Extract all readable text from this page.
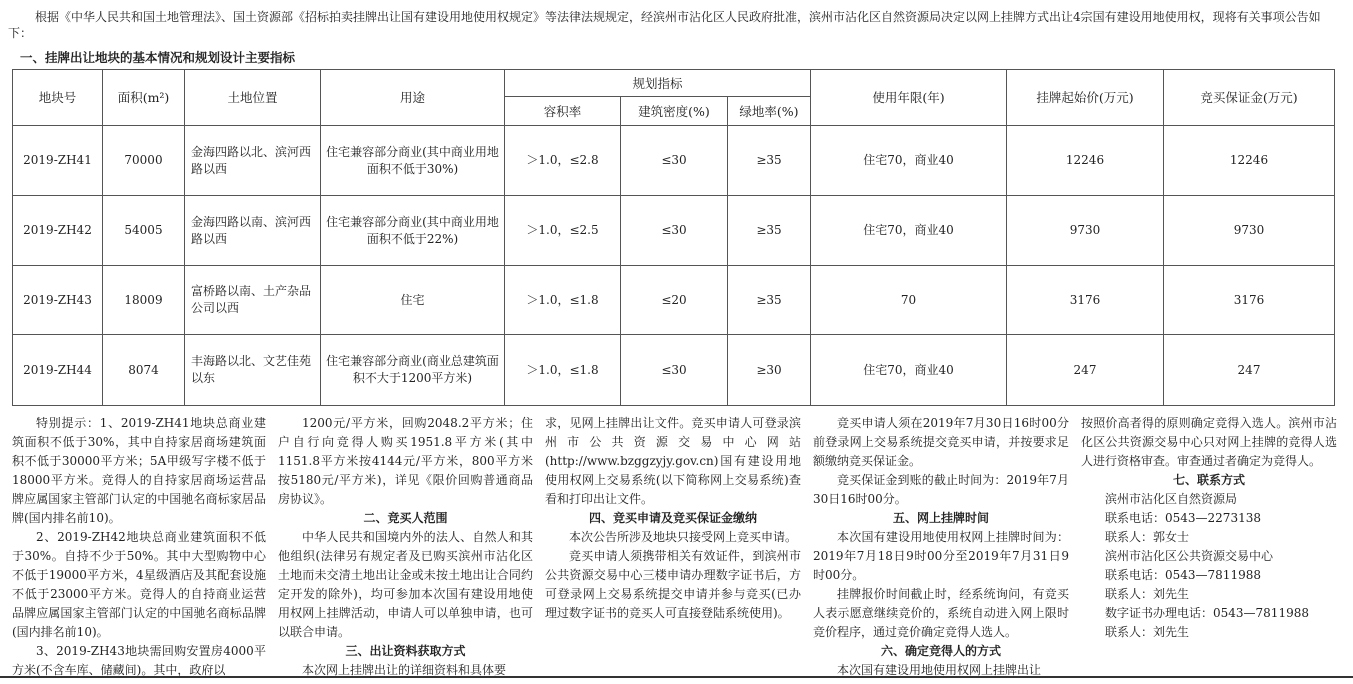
根据《中华人民共和国土地管理法》、国土资源部《招标拍卖挂牌出让国有建设用地使用权规定》等法律法规规定，经滨州市沾化区人民政府批准，滨州市沾化区自然资源局决定以网上挂牌方式出让4宗国有建设用地使用权，现将有关事项公告如下：
一、挂牌出让地块的基本情况和规划设计主要指标
地块号	面积(m²)	土地位置	用途	规划指标			使用年限(年)	挂牌起始价(万元)	竞买保证金(万元)
				容积率	建筑密度(%)	绿地率(%)			
2019-ZH41	70000	金海四路以北、滨河西路以西	住宅兼容部分商业(其中商业用地面积不低于30%)	＞1.0，≤2.8	≤30	≥35	住宅70，商业40	12246	12246
2019-ZH42	54005	金海四路以南、滨河西路以西	住宅兼容部分商业(其中商业用地面积不低于22%)	＞1.0，≤2.5	≤30	≥35	住宅70，商业40	9730	9730
2019-ZH43	18009	富桥路以南、土产杂品公司以西	住宅	＞1.0，≤1.8	≤20	≥35	70	3176	3176
2019-ZH44	8074	丰海路以北、文艺佳苑以东	住宅兼容部分商业(商业总建筑面积不大于1200平方米)	＞1.0，≤1.8	≤30	≥30	住宅70，商业40	247	247

特别提示：1、2019-ZH41地块总商业建筑面积不低于30%，其中自持家居商场建筑面积不低于30000平方米；5A甲级写字楼不低于18000平方米。竞得人的自持家居商场运营品牌应属国家主管部门认定的中国驰名商标家居品牌(国内排名前10)。

2、2019-ZH42地块总商业建筑面积不低于30%。自持不少于50%。其中大型购物中心不低于19000平方米，4星级酒店及其配套设施不低于23000平方米。竞得人的自持商业运营品牌应属国家主管部门认定的中国驰名商标品牌(国内排名前10)。

3、2019-ZH43地块需回购安置房4000平方米(不含车库、储藏间)。其中，政府以

1200元/平方米，回购2048.2平方米；住户自行向竞得人购买1951.8平方米(其中1151.8平方米按4144元/平方米，800平方米按5180元/平方米)，详见《限价回购普通商品房协议》。

二、竞买人范围

中华人民共和国境内外的法人、自然人和其他组织(法律另有规定者及已购买滨州市沾化区土地而未交清土地出让金或未按土地出让合同约定开发的除外)，均可参加本次国有建设用地使用权网上挂牌活动，申请人可以单独申请，也可以联合申请。

三、出让资料获取方式

本次网上挂牌出让的详细资料和具体要

求，见网上挂牌出让文件。竞买申请人可登录滨州市公共资源交易中心网站(http://www.bzggzyjy.gov.cn)国有建设用地使用权网上交易系统(以下简称网上交易系统)查看和打印出让文件。

四、竞买申请及竞买保证金缴纳

本次公告所涉及地块只接受网上竞买申请。

竞买申请人须携带相关有效证件，到滨州市公共资源交易中心三楼申请办理数字证书后，方可登录网上交易系统提交申请并参与竞买(已办理过数字证书的竞买人可直接登陆系统使用)。

竞买申请人须在2019年7月30日16时00分前登录网上交易系统提交竞买申请，并按要求足额缴纳竞买保证金。

竞买保证金到账的截止时间为：2019年7月30日16时00分。

五、网上挂牌时间

本次国有建设用地使用权网上挂牌时间为：2019年7月18日9时00分至2019年7月31日9时00分。

挂牌报价时间截止时，经系统询问，有竞买人表示愿意继续竞价的，系统自动进入网上限时竞价程序，通过竞价确定竞得人选人。

六、确定竞得人的方式

本次国有建设用地使用权网上挂牌出让

按照价高者得的原则确定竞得入选人。滨州市沾化区公共资源交易中心只对网上挂牌的竞得人选人进行资格审查。审查通过者确定为竞得人。

七、联系方式

滨州市沾化区自然资源局

联系电话：0543—2273138

联系人：郭女士

滨州市沾化区公共资源交易中心

联系电话：0543—7811988

联系人：刘先生

数字证书办理电话：0543—7811988

联系人：刘先生
